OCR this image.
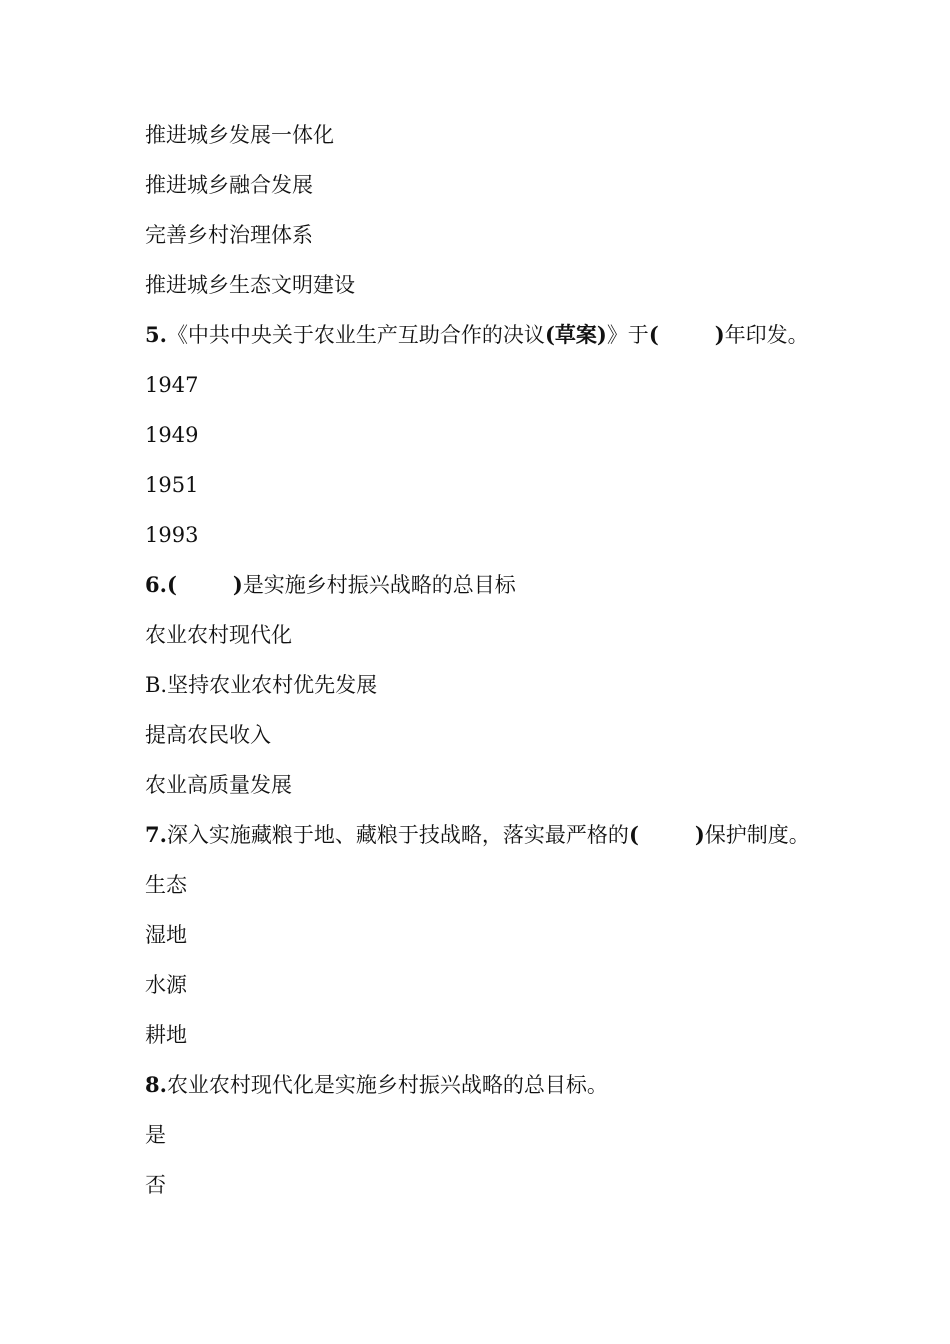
推进城乡发展一体化
推进城乡融合发展
完善乡村治理体系
推进城乡生态文明建设
5.《中共中央关于农业生产互助合作的决议(草案)》于(	)年印发。
1947
1949
1951
1993
6.(	)是实施乡村振兴战略的总目标
农业农村现代化
B.坚持农业农村优先发展
提高农民收入
农业高质量发展
7.深入实施藏粮于地、藏粮于技战略，落实最严格的(	)保护制度。
生态
湿地
水源
耕地
8.农业农村现代化是实施乡村振兴战略的总目标。
是
否
